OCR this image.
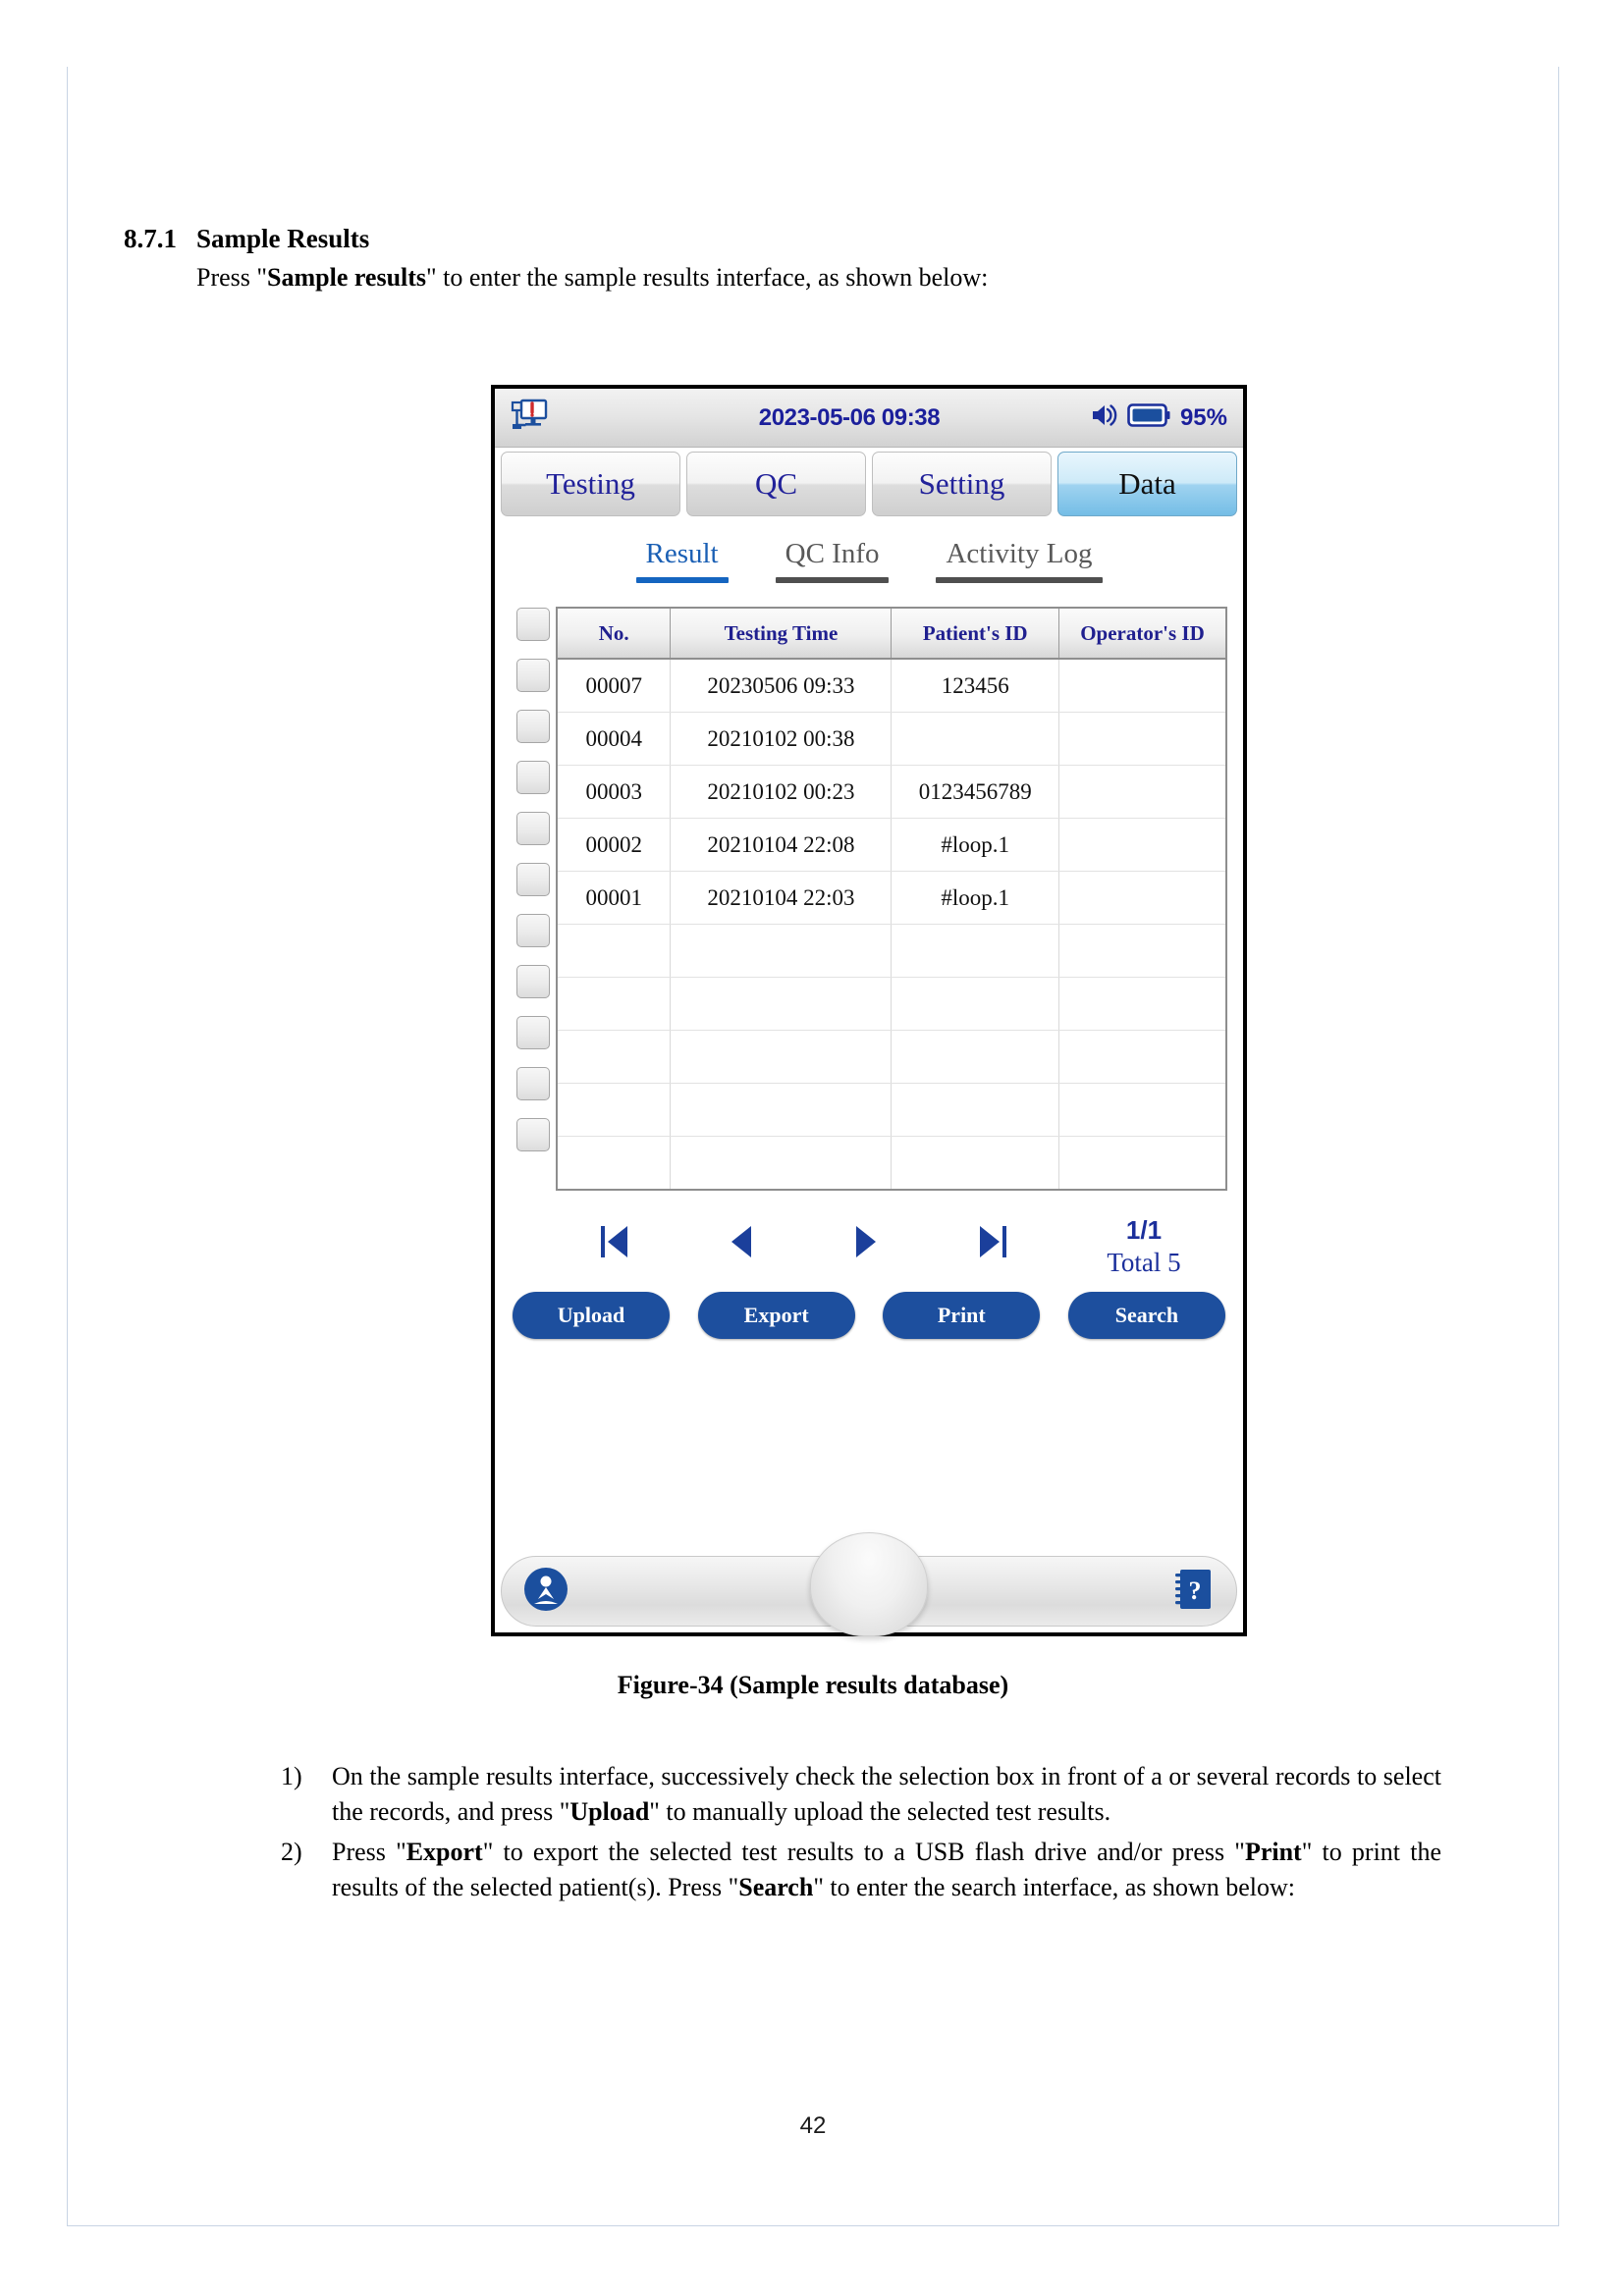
8.7.1 Sample Results
Press "Sample results" to enter the sample results interface, as shown below:
2023-05-06 09:38	95%
Testing	QC	Setting	Data
Result	QC Info	Activity Log
No.	Testing Time	Patient's ID	Operator's ID
00007	20230506 09:33	123456	
00004	20210102 00:38		
00003	20210102 00:23	0123456789	
00002	20210104 22:08	#loop.1	
00001	20210104 22:03	#loop.1	

1/1
Total 5
Upload	Export	Print	Search
?
Figure-34 (Sample results database)
1)	On the sample results interface, successively check the selection box in front of a or several records to select the records, and press "Upload" to manually upload the selected test results.
2)	Press "Export" to export the selected test results to a USB flash drive and/or press "Print" to print the results of the selected patient(s). Press "Search" to enter the search interface, as shown below:
42
